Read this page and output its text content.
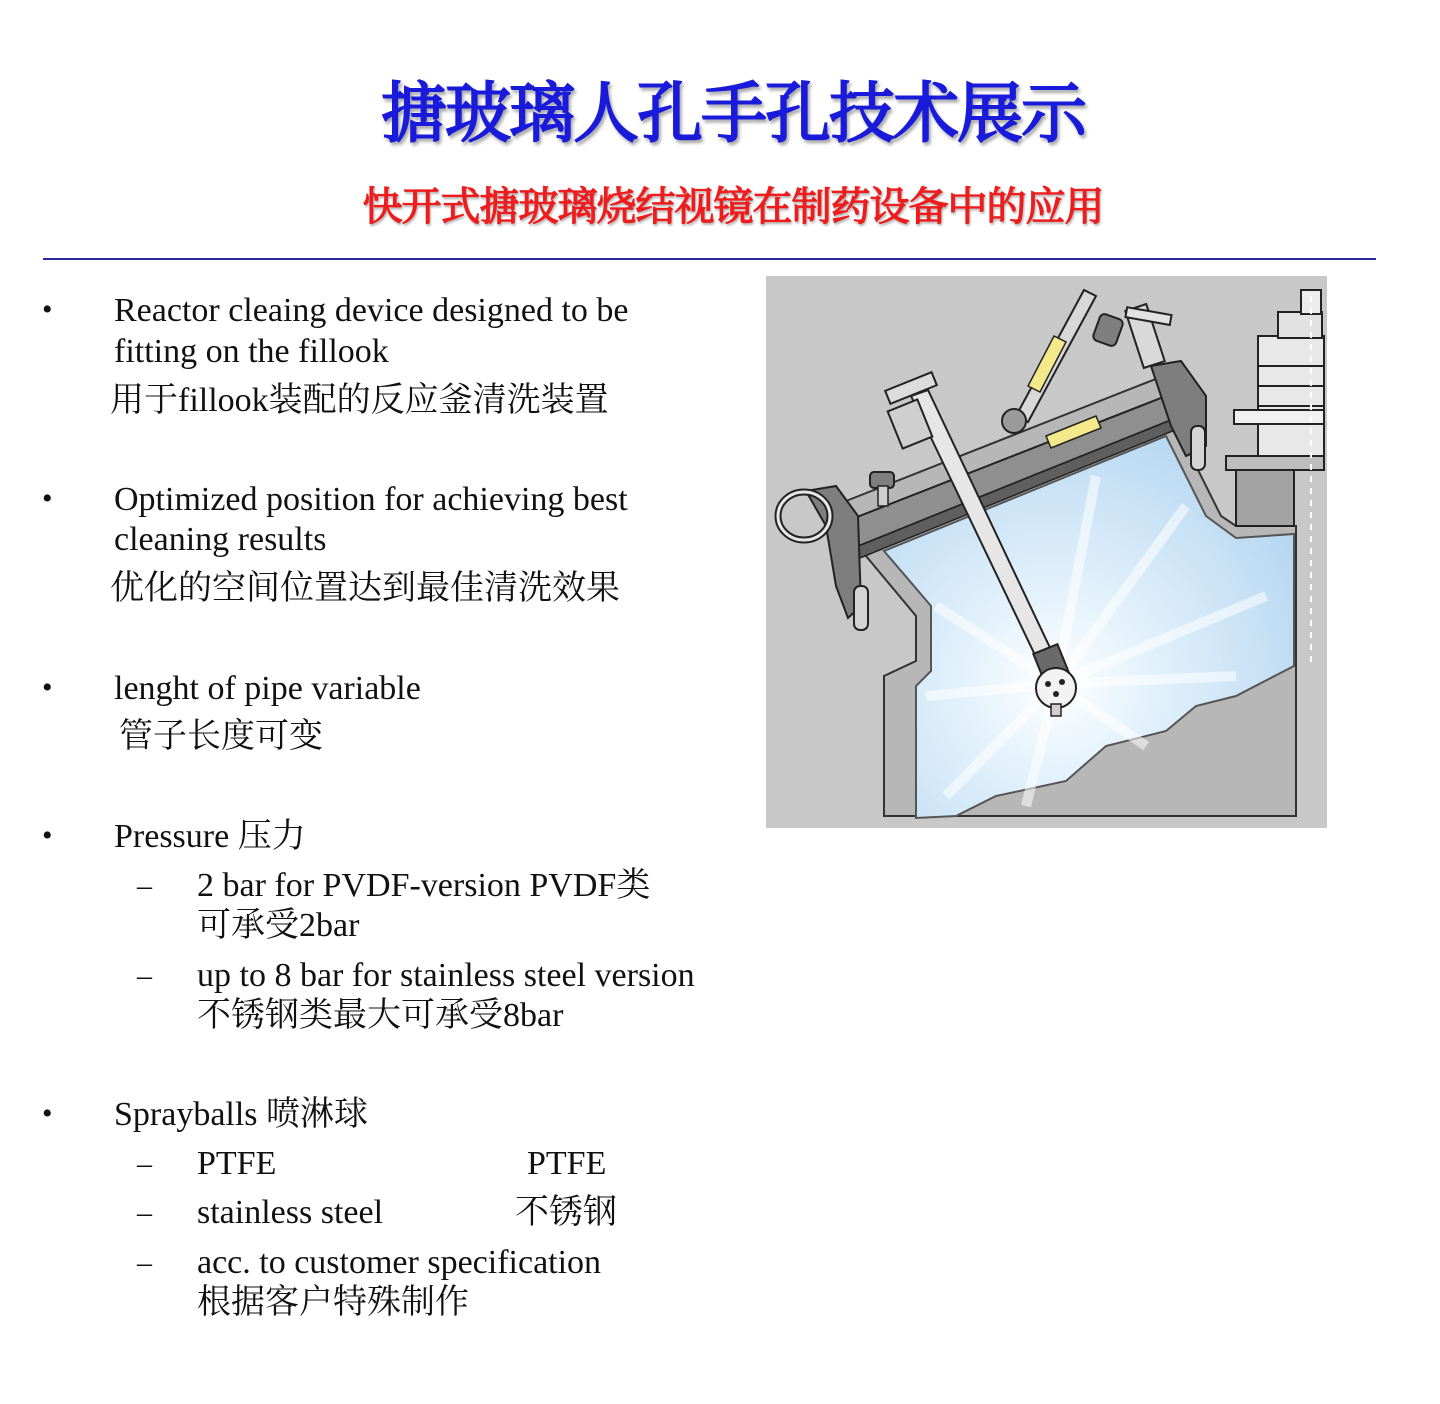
搪玻璃人孔手孔技术展示
快开式搪玻璃烧结视镜在制药设备中的应用
• Reactor cleaing device designed to be
fitting on the fillook
用于fillook装配的反应釜清洗装置
• Optimized position for achieving best
cleaning results
优化的空间位置达到最佳清洗效果
• lenght of pipe variable
管子长度可变
• Pressure 压力
– 2 bar for PVDF-version PVDF类
可承受2bar
– up to 8 bar for stainless steel version
不锈钢类最大可承受8bar
• Sprayballs 喷淋球
– PTFE	PTFE
– stainless steel	不锈钢
– acc. to customer specification
根据客户特殊制作
